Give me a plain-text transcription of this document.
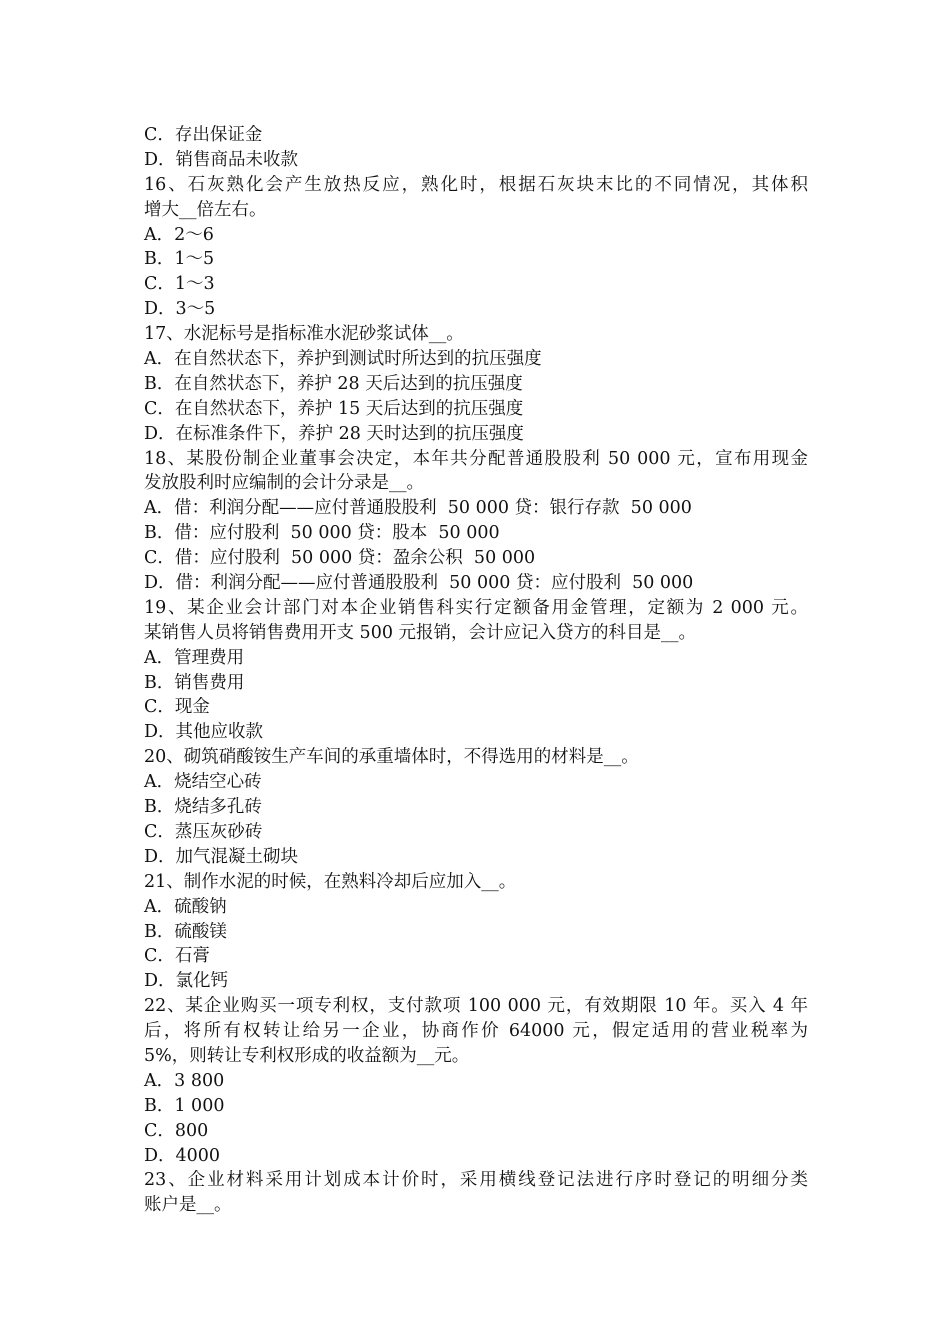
C．存出保证金
D．销售商品未收款
16、石灰熟化会产生放热反应，熟化时，根据石灰块末比的不同情况，其体积
增大__倍左右。
A．2～6
B．1～5
C．1～3
D．3～5
17、水泥标号是指标准水泥砂浆试体__。
A．在自然状态下，养护到测试时所达到的抗压强度
B．在自然状态下，养护 28 天后达到的抗压强度
C．在自然状态下，养护 15 天后达到的抗压强度
D．在标准条件下，养护 28 天时达到的抗压强度
18、某股份制企业董事会决定，本年共分配普通股股利 50 000 元，宣布用现金
发放股利时应编制的会计分录是__。
A．借：利润分配——应付普通股股利  50 000 贷：银行存款  50 000
B．借：应付股利  50 000 贷：股本  50 000
C．借：应付股利  50 000 贷：盈余公积  50 000
D．借：利润分配——应付普通股股利  50 000 贷：应付股利  50 000
19、某企业会计部门对本企业销售科实行定额备用金管理，定额为 2 000 元。
某销售人员将销售费用开支 500 元报销，会计应记入贷方的科目是__。
A．管理费用
B．销售费用
C．现金
D．其他应收款
20、砌筑硝酸铵生产车间的承重墙体时，不得选用的材料是__。
A．烧结空心砖
B．烧结多孔砖
C．蒸压灰砂砖
D．加气混凝土砌块
21、制作水泥的时候，在熟料冷却后应加入__。
A．硫酸钠
B．硫酸镁
C．石膏
D．氯化钙
22、某企业购买一项专利权，支付款项 100 000 元，有效期限 10 年。买入 4 年
后，将所有权转让给另一企业，协商作价 64000 元，假定适用的营业税率为
5%，则转让专利权形成的收益额为__元。
A．3 800
B．1 000
C．800
D．4000
23、企业材料采用计划成本计价时，采用横线登记法进行序时登记的明细分类
账户是__。
